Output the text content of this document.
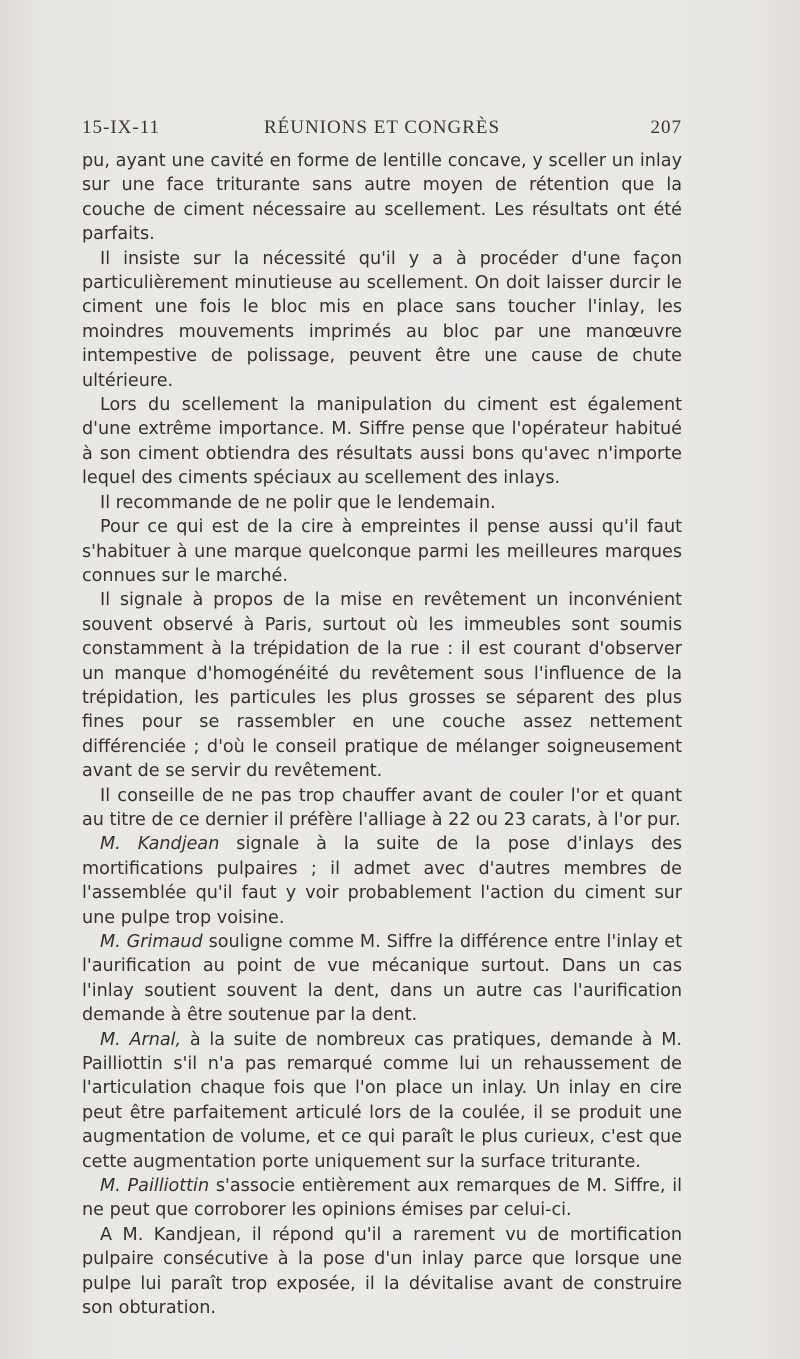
15-IX-11	RÉUNIONS ET CONGRÈS	207

pu, ayant une cavité en forme de lentille concave, y sceller un inlay sur une face triturante sans autre moyen de rétention que la couche de ciment nécessaire au scellement. Les résultats ont été parfaits.

Il insiste sur la nécessité qu'il y a à procéder d'une façon particulièrement minutieuse au scellement. On doit laisser durcir le ciment une fois le bloc mis en place sans toucher l'inlay, les moindres mouvements imprimés au bloc par une manœuvre intempestive de polissage, peuvent être une cause de chute ultérieure.

Lors du scellement la manipulation du ciment est également d'une extrême importance. M. Siffre pense que l'opérateur habitué à son ciment obtiendra des résultats aussi bons qu'avec n'importe lequel des ciments spéciaux au scellement des inlays.

Il recommande de ne polir que le lendemain.

Pour ce qui est de la cire à empreintes il pense aussi qu'il faut s'habituer à une marque quelconque parmi les meilleures marques connues sur le marché.

Il signale à propos de la mise en revêtement un inconvénient souvent observé à Paris, surtout où les immeubles sont soumis constamment à la trépidation de la rue : il est courant d'observer un manque d'homogénéité du revêtement sous l'influence de la trépidation, les particules les plus grosses se séparent des plus fines pour se rassembler en une couche assez nettement différenciée ; d'où le conseil pratique de mélanger soigneusement avant de se servir du revêtement.

Il conseille de ne pas trop chauffer avant de couler l'or et quant au titre de ce dernier il préfère l'alliage à 22 ou 23 carats, à l'or pur.

M. Kandjean signale à la suite de la pose d'inlays des mortifications pulpaires ; il admet avec d'autres membres de l'assemblée qu'il faut y voir probablement l'action du ciment sur une pulpe trop voisine.

M. Grimaud souligne comme M. Siffre la différence entre l'inlay et l'aurification au point de vue mécanique surtout. Dans un cas l'inlay soutient souvent la dent, dans un autre cas l'aurification demande à être soutenue par la dent.

M. Arnal, à la suite de nombreux cas pratiques, demande à M. Pailliottin s'il n'a pas remarqué comme lui un rehaussement de l'articulation chaque fois que l'on place un inlay. Un inlay en cire peut être parfaitement articulé lors de la coulée, il se produit une augmentation de volume, et ce qui paraît le plus curieux, c'est que cette augmentation porte uniquement sur la surface triturante.

M. Pailliottin s'associe entièrement aux remarques de M. Siffre, il ne peut que corroborer les opinions émises par celui-ci.

A M. Kandjean, il répond qu'il a rarement vu de mortification pulpaire consécutive à la pose d'un inlay parce que lorsque une pulpe lui paraît trop exposée, il la dévitalise avant de construire son obturation.
